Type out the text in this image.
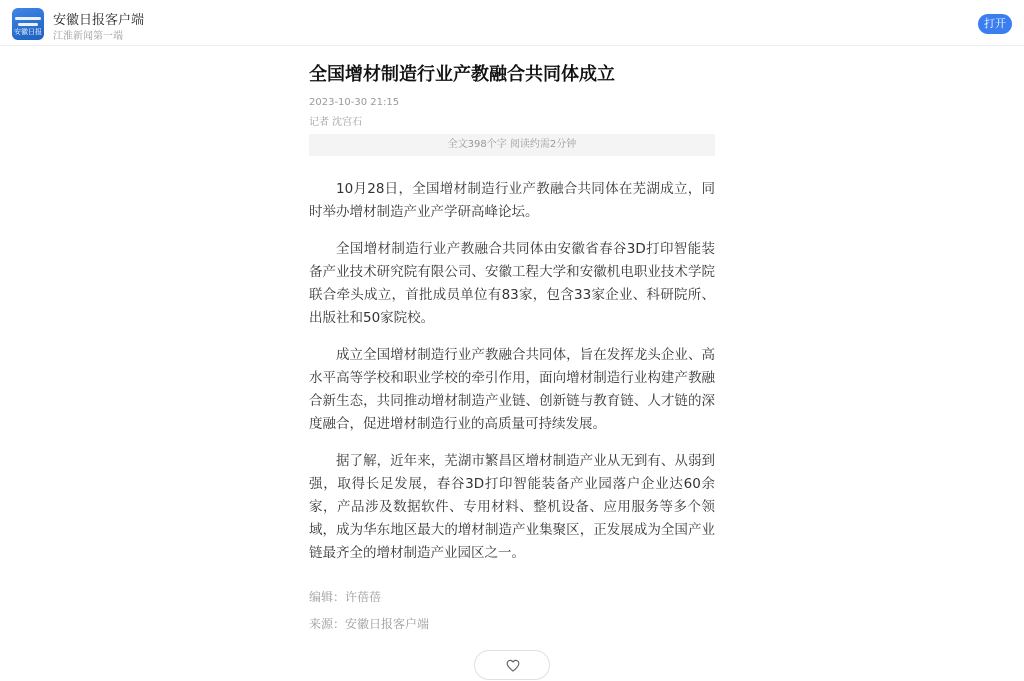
安徽日报
安徽日报客户端
江淮新闻第一端
打开
全国增材制造行业产教融合共同体成立
2023-10-30 21:15
记者 沈宫石
全文398个字 阅读约需2分钟

10月28日，全国增材制造行业产教融合共同体在芜湖成立，同时举办增材制造产业产学研高峰论坛。

全国增材制造行业产教融合共同体由安徽省春谷3D打印智能装备产业技术研究院有限公司、安徽工程大学和安徽机电职业技术学院联合牵头成立，首批成员单位有83家，包含33家企业、科研院所、出版社和50家院校。

成立全国增材制造行业产教融合共同体，旨在发挥龙头企业、高水平高等学校和职业学校的牵引作用，面向增材制造行业构建产教融合新生态，共同推动增材制造产业链、创新链与教育链、人才链的深度融合，促进增材制造行业的高质量可持续发展。

据了解，近年来，芜湖市繁昌区增材制造产业从无到有、从弱到强，取得长足发展，春谷3D打印智能装备产业园落户企业达60余家，产品涉及数据软件、专用材料、整机设备、应用服务等多个领域，成为华东地区最大的增材制造产业集聚区，正发展成为全国产业链最齐全的增材制造产业园区之一。

编辑：许蓓蓓
来源：安徽日报客户端
